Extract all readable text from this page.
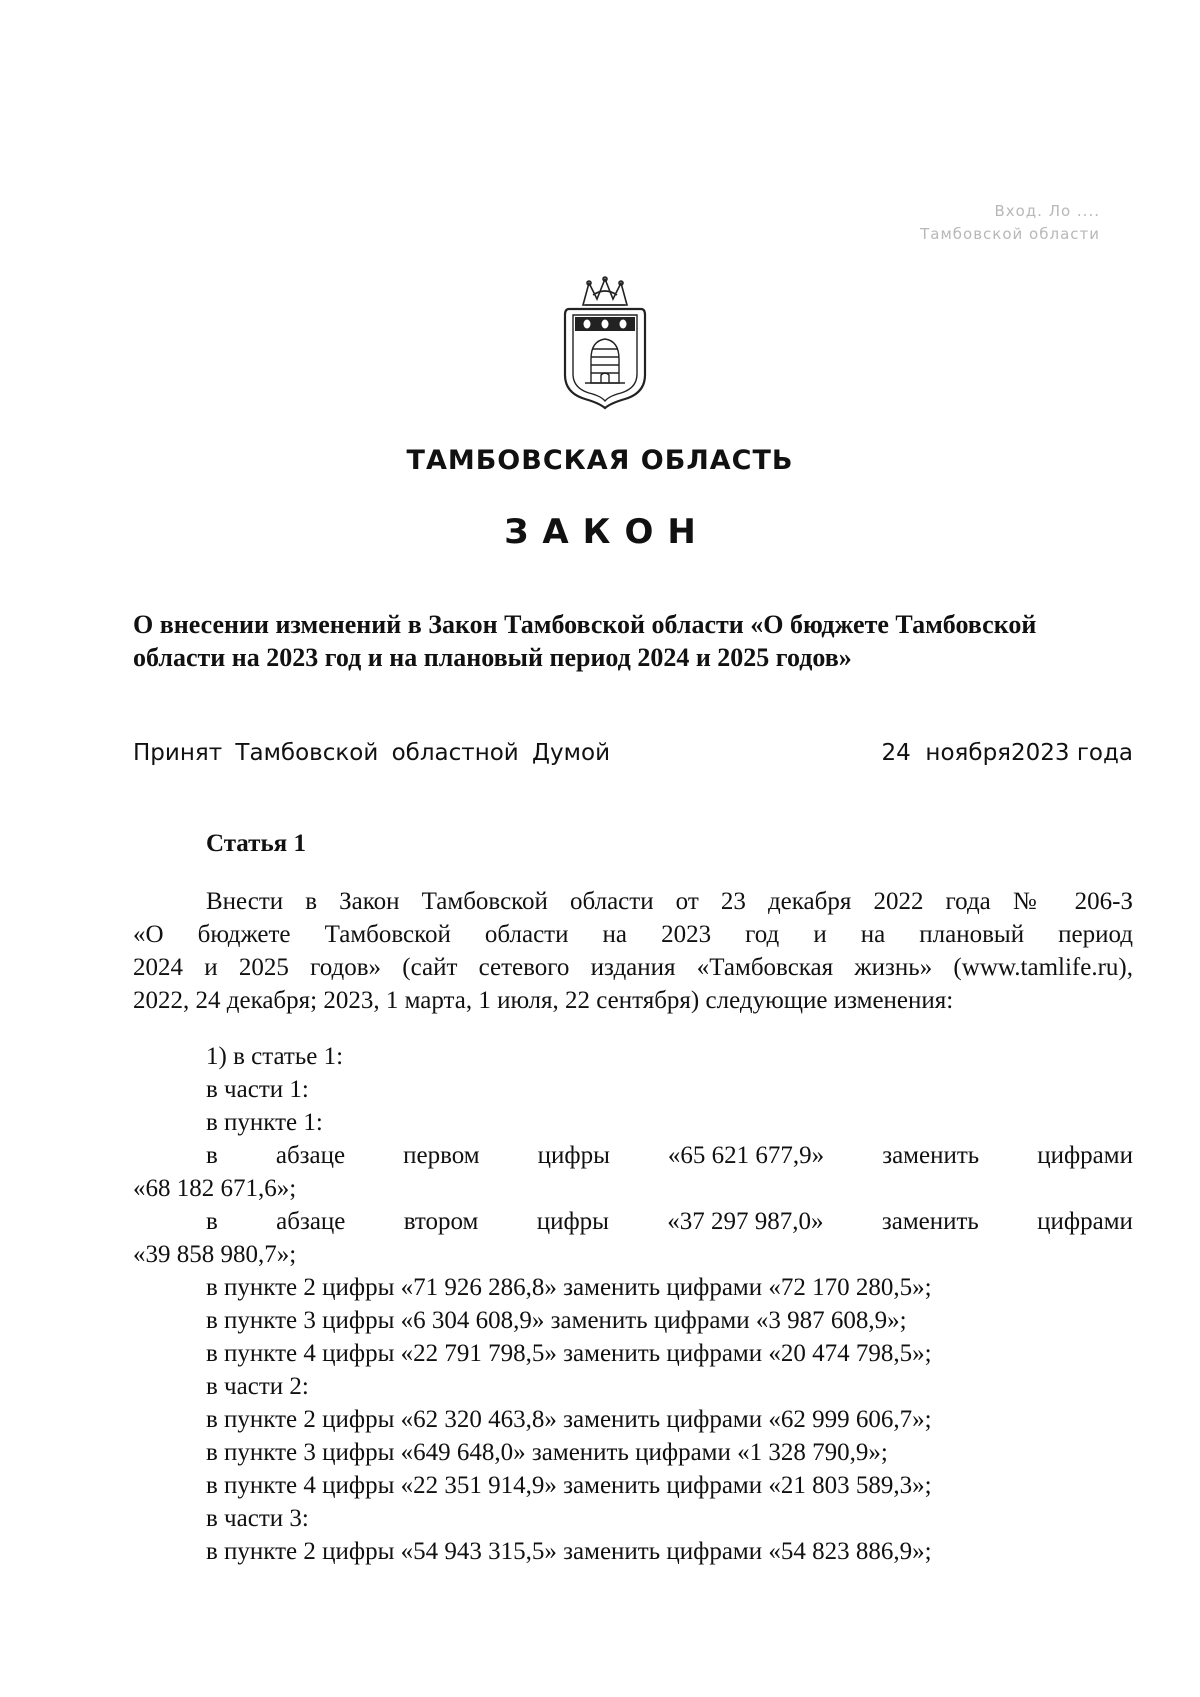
Вход. Ло ....
Тамбовской области
ТАМБОВСКАЯ ОБЛАСТЬ
ЗАКОН
О внесении изменений в Закон Тамбовской области «О бюджете Тамбовской
области на 2023 год и на плановый период 2024 и 2025 годов»
Принят Тамбовской областной Думой	24  ноября2023 года
Статья 1
Внести в Закон Тамбовской области от 23 декабря 2022 года № 206-З
«О бюджете Тамбовской области на 2023 год и на плановый период
2024 и 2025 годов» (сайт сетевого издания «Тамбовская жизнь» (www.tamlife.ru),
2022, 24 декабря; 2023, 1 марта, 1 июля, 22 сентября) следующие изменения:
1) в статье 1:
в части 1:
в пункте 1:
в абзаце первом цифры «65 621 677,9» заменить цифрами
«68 182 671,6»;
в абзаце втором цифры «37 297 987,0» заменить цифрами
«39 858 980,7»;
в пункте 2 цифры «71 926 286,8» заменить цифрами «72 170 280,5»;
в пункте 3 цифры «6 304 608,9» заменить цифрами «3 987 608,9»;
в пункте 4 цифры «22 791 798,5» заменить цифрами «20 474 798,5»;
в части 2:
в пункте 2 цифры «62 320 463,8» заменить цифрами «62 999 606,7»;
в пункте 3 цифры «649 648,0» заменить цифрами «1 328 790,9»;
в пункте 4 цифры «22 351 914,9» заменить цифрами «21 803 589,3»;
в части 3:
в пункте 2 цифры «54 943 315,5» заменить цифрами «54 823 886,9»;
